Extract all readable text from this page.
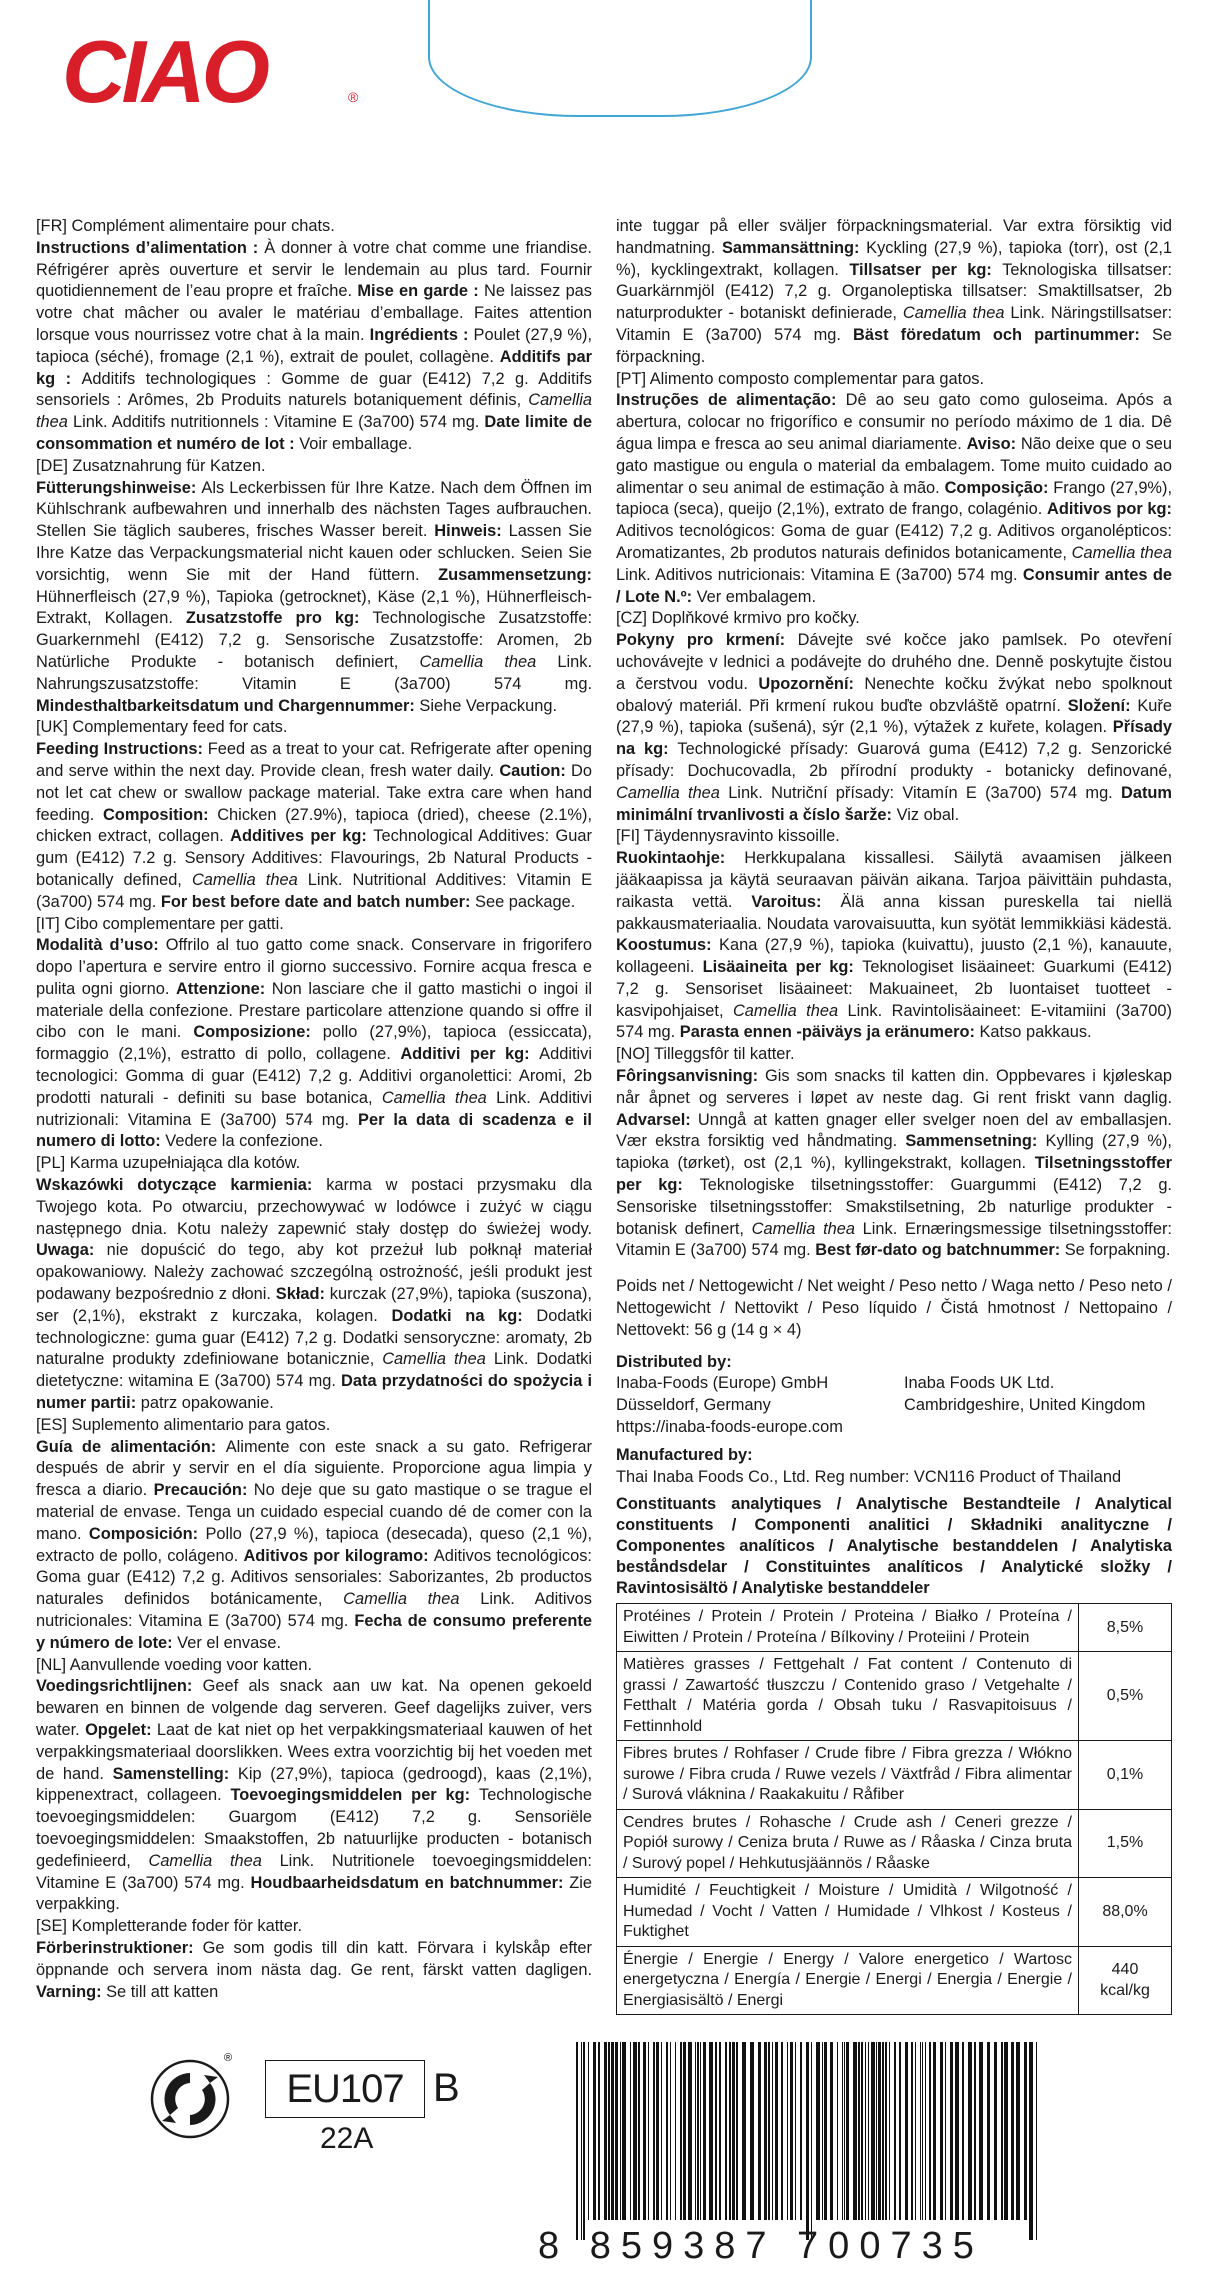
CIAO	®

[FR] Complément alimentaire pour chats.
Instructions d’alimentation : À donner à votre chat comme une friandise. Réfrigérer après ouverture et servir le lendemain au plus tard. Fournir quotidiennement de l’eau propre et fraîche. Mise en garde : Ne laissez pas votre chat mâcher ou avaler le matériau d’emballage. Faites attention lorsque vous nourrissez votre chat à la main. Ingrédients : Poulet (27,9 %), tapioca (séché), fromage (2,1 %), extrait de poulet, collagène. Additifs par kg : Additifs technologiques : Gomme de guar (E412) 7,2 g. Additifs sensoriels : Arômes, 2b Produits naturels botaniquement définis, Camellia thea Link. Additifs nutritionnels : Vitamine E (3a700) 574 mg. Date limite de consommation et numéro de lot : Voir emballage.

[DE] Zusatznahrung für Katzen.
Fütterungshinweise: Als Leckerbissen für Ihre Katze. Nach dem Öffnen im Kühlschrank aufbewahren und innerhalb des nächsten Tages aufbrauchen. Stellen Sie täglich sauberes, frisches Wasser bereit. Hinweis: Lassen Sie Ihre Katze das Verpackungsmaterial nicht kauen oder schlucken. Seien Sie vorsichtig, wenn Sie mit der Hand füttern. Zusammensetzung: Hühnerfleisch (27,9 %), Tapioka (getrocknet), Käse (2,1 %), Hühnerfleisch-Extrakt, Kollagen. Zusatzstoffe pro kg: Technologische Zusatzstoffe: Guarkernmehl (E412) 7,2 g. Sensorische Zusatzstoffe: Aromen, 2b Natürliche Produkte - botanisch definiert, Camellia thea Link. Nahrungszusatzstoffe: Vitamin E (3a700) 574 mg. Mindesthaltbarkeitsdatum und Chargennummer: Siehe Verpackung.

[UK] Complementary feed for cats.
Feeding Instructions: Feed as a treat to your cat. Refrigerate after opening and serve within the next day. Provide clean, fresh water daily. Caution: Do not let cat chew or swallow package material. Take extra care when hand feeding. Composition: Chicken (27.9%), tapioca (dried), cheese (2.1%), chicken extract, collagen. Additives per kg: Technological Additives: Guar gum (E412) 7.2 g. Sensory Additives: Flavourings, 2b Natural Products - botanically defined, Camellia thea Link. Nutritional Additives: Vitamin E (3a700) 574 mg. For best before date and batch number: See package.

[IT] Cibo complementare per gatti.
Modalità d’uso: Offrilo al tuo gatto come snack. Conservare in frigorifero dopo l’apertura e servire entro il giorno successivo. Fornire acqua fresca e pulita ogni giorno. Attenzione: Non lasciare che il gatto mastichi o ingoi il materiale della confezione. Prestare particolare attenzione quando si offre il cibo con le mani. Composizione: pollo (27,9%), tapioca (essiccata), formaggio (2,1%), estratto di pollo, collagene. Additivi per kg: Additivi tecnologici: Gomma di guar (E412) 7,2 g. Additivi organolettici: Aromi, 2b prodotti naturali - definiti su base botanica, Camellia thea Link. Additivi nutrizionali: Vitamina E (3a700) 574 mg. Per la data di scadenza e il numero di lotto: Vedere la confezione.

[PL] Karma uzupełniająca dla kotów.
Wskazówki dotyczące karmienia: karma w postaci przysmaku dla Twojego kota. Po otwarciu, przechowywać w lodówce i zużyć w ciągu następnego dnia. Kotu należy zapewnić stały dostęp do świeżej wody. Uwaga: nie dopuścić do tego, aby kot przeżuł lub połknął materiał opakowaniowy. Należy zachować szczególną ostrożność, jeśli produkt jest podawany bezpośrednio z dłoni. Skład: kurczak (27,9%), tapioka (suszona), ser (2,1%), ekstrakt z kurczaka, kolagen. Dodatki na kg: Dodatki technologiczne: guma guar (E412) 7,2 g. Dodatki sensoryczne: aromaty, 2b naturalne produkty zdefiniowane botanicznie, Camellia thea Link. Dodatki dietetyczne: witamina E (3a700) 574 mg. Data przydatności do spożycia i numer partii: patrz opakowanie.

[ES] Suplemento alimentario para gatos.
Guía de alimentación: Alimente con este snack a su gato. Refrigerar después de abrir y servir en el día siguiente. Proporcione agua limpia y fresca a diario. Precaución: No deje que su gato mastique o se trague el material de envase. Tenga un cuidado especial cuando dé de comer con la mano. Composición: Pollo (27,9 %), tapioca (desecada), queso (2,1 %), extracto de pollo, colágeno. Aditivos por kilogramo: Aditivos tecnológicos: Goma guar (E412) 7,2 g. Aditivos sensoriales: Saborizantes, 2b productos naturales definidos botánicamente, Camellia thea Link. Aditivos nutricionales: Vitamina E (3a700) 574 mg. Fecha de consumo preferente y número de lote: Ver el envase.

[NL] Aanvullende voeding voor katten.
Voedingsrichtlijnen: Geef als snack aan uw kat. Na openen gekoeld bewaren en binnen de volgende dag serveren. Geef dagelijks zuiver, vers water. Opgelet: Laat de kat niet op het verpakkingsmateriaal kauwen of het verpakkingsmateriaal doorslikken. Wees extra voorzichtig bij het voeden met de hand. Samenstelling: Kip (27,9%), tapioca (gedroogd), kaas (2,1%), kippenextract, collageen. Toevoegingsmiddelen per kg: Technologische toevoegingsmiddelen: Guargom (E412) 7,2 g. Sensoriële toevoegingsmiddelen: Smaakstoffen, 2b natuurlijke producten - botanisch gedefinieerd, Camellia thea Link. Nutritionele toevoegingsmiddelen: Vitamine E (3a700) 574 mg. Houdbaarheidsdatum en batchnummer: Zie verpakking.

[SE] Kompletterande foder för katter.
Förberinstruktioner: Ge som godis till din katt. Förvara i kylskåp efter öppnande och servera inom nästa dag. Ge rent, färskt vatten dagligen. Varning: Se till att katten

inte tuggar på eller sväljer förpackningsmaterial. Var extra försiktig vid handmatning. Sammansättning: Kyckling (27,9 %), tapioka (torr), ost (2,1 %), kycklingextrakt, kollagen. Tillsatser per kg: Teknologiska tillsatser: Guarkärnmjöl (E412) 7,2 g. Organoleptiska tillsatser: Smaktillsatser, 2b naturprodukter - botaniskt definierade, Camellia thea Link. Näringstillsatser: Vitamin E (3a700) 574 mg. Bäst föredatum och partinummer: Se förpackning.

[PT] Alimento composto complementar para gatos.
Instruções de alimentação: Dê ao seu gato como guloseima. Após a abertura, colocar no frigorífico e consumir no período máximo de 1 dia. Dê água limpa e fresca ao seu animal diariamente. Aviso: Não deixe que o seu gato mastigue ou engula o material da embalagem. Tome muito cuidado ao alimentar o seu animal de estimação à mão. Composição: Frango (27,9%), tapioca (seca), queijo (2,1%), extrato de frango, colagénio. Aditivos por kg: Aditivos tecnológicos: Goma de guar (E412) 7,2 g. Aditivos organolépticos: Aromatizantes, 2b produtos naturais definidos botanicamente, Camellia thea Link. Aditivos nutricionais: Vitamina E (3a700) 574 mg. Consumir antes de / Lote N.º: Ver embalagem.

[CZ] Doplňkové krmivo pro kočky.
Pokyny pro krmení: Dávejte své kočce jako pamlsek. Po otevření uchovávejte v lednici a podávejte do druhého dne. Denně poskytujte čistou a čerstvou vodu. Upozornění: Nenechte kočku žvýkat nebo spolknout obalový materiál. Při krmení rukou buďte obzvláště opatrní. Složení: Kuře (27,9 %), tapioka (sušená), sýr (2,1 %), výtažek z kuřete, kolagen. Přísady na kg: Technologické přísady: Guarová guma (E412) 7,2 g. Senzorické přísady: Dochucovadla, 2b přírodní produkty - botanicky definované, Camellia thea Link. Nutriční přísady: Vitamín E (3a700) 574 mg. Datum minimální trvanlivosti a číslo šarže: Viz obal.

[FI] Täydennysravinto kissoille.
Ruokintaohje: Herkkupalana kissallesi. Säilytä avaamisen jälkeen jääkaapissa ja käytä seuraavan päivän aikana. Tarjoa päivittäin puhdasta, raikasta vettä. Varoitus: Älä anna kissan pureskella tai niellä pakkausmateriaalia. Noudata varovaisuutta, kun syötät lemmikkiäsi kädestä. Koostumus: Kana (27,9 %), tapioka (kuivattu), juusto (2,1 %), kanauute, kollageeni. Lisäaineita per kg: Teknologiset lisäaineet: Guarkumi (E412) 7,2 g. Sensoriset lisäaineet: Makuaineet, 2b luontaiset tuotteet - kasvipohjaiset, Camellia thea Link. Ravintolisäaineet: E-vitamiini (3a700) 574 mg. Parasta ennen -päiväys ja eränumero: Katso pakkaus.

[NO] Tilleggsfôr til katter.
Fôringsanvisning: Gis som snacks til katten din. Oppbevares i kjøleskap når åpnet og serveres i løpet av neste dag. Gi rent friskt vann daglig. Advarsel: Unngå at katten gnager eller svelger noen del av emballasjen. Vær ekstra forsiktig ved håndmating. Sammensetning: Kylling (27,9 %), tapioka (tørket), ost (2,1 %), kyllingekstrakt, kollagen. Tilsetningsstoffer per kg: Teknologiske tilsetningsstoffer: Guargummi (E412) 7,2 g. Sensoriske tilsetningsstoffer: Smakstilsetning, 2b naturlige produkter - botanisk definert, Camellia thea Link. Ernæringsmessige tilsetningsstoffer: Vitamin E (3a700) 574 mg. Best før-dato og batchnummer: Se forpakning.

Poids net / Nettogewicht / Net weight / Peso netto / Waga netto / Peso neto / Nettogewicht / Nettovikt / Peso líquido / Čistá hmotnost / Nettopaino / Nettovekt: 56 g (14 g × 4)
Distributed by:
Inaba-Foods (Europe) GmbH
Düsseldorf, Germany
https://inaba-foods-europe.com
Inaba Foods UK Ltd.
Cambridgeshire, United Kingdom
Manufactured by:
Thai Inaba Foods Co., Ltd. Reg number: VCN116 Product of Thailand
Constituants analytiques / Analytische Bestandteile / Analytical constituents / Componenti analitici / Składniki analityczne / Componentes analíticos / Analytische bestanddelen / Analytiska beståndsdelar / Constituintes analíticos / Analytické složky / Ravintosisältö / Analytiske bestanddeler
Protéines / Protein / Protein / Proteina / Białko / Proteína / Eiwitten / Protein / Proteína / Bílkoviny / Proteiini / Protein	8,5%
Matières grasses / Fettgehalt / Fat content / Contenuto di grassi / Zawartość tłuszczu / Contenido graso / Vetgehalte / Fetthalt / Matéria gorda / Obsah tuku / Rasvapitoisuus / Fettinnhold	0,5%
Fibres brutes / Rohfaser / Crude fibre / Fibra grezza / Włókno surowe / Fibra cruda / Ruwe vezels / Växtfråd / Fibra alimentar / Surová vláknina / Raakakuitu / Råfiber	0,1%
Cendres brutes / Rohasche / Crude ash / Ceneri grezze / Popiół surowy / Ceniza bruta / Ruwe as / Råaska / Cinza bruta / Surový popel / Hehkutusjäännös / Råaske	1,5%
Humidité / Feuchtigkeit / Moisture / Umidità / Wilgotność / Humedad / Vocht / Vatten / Humidade / Vlhkost / Kosteus / Fuktighet	88,0%
Énergie / Energie / Energy / Valore energetico / Wartosc energetyczna / Energía / Energie / Energi / Energia / Energie / Energiasisältö / Energi	440 kcal/kg
®
EU107 B
22A
8 859387 700735
